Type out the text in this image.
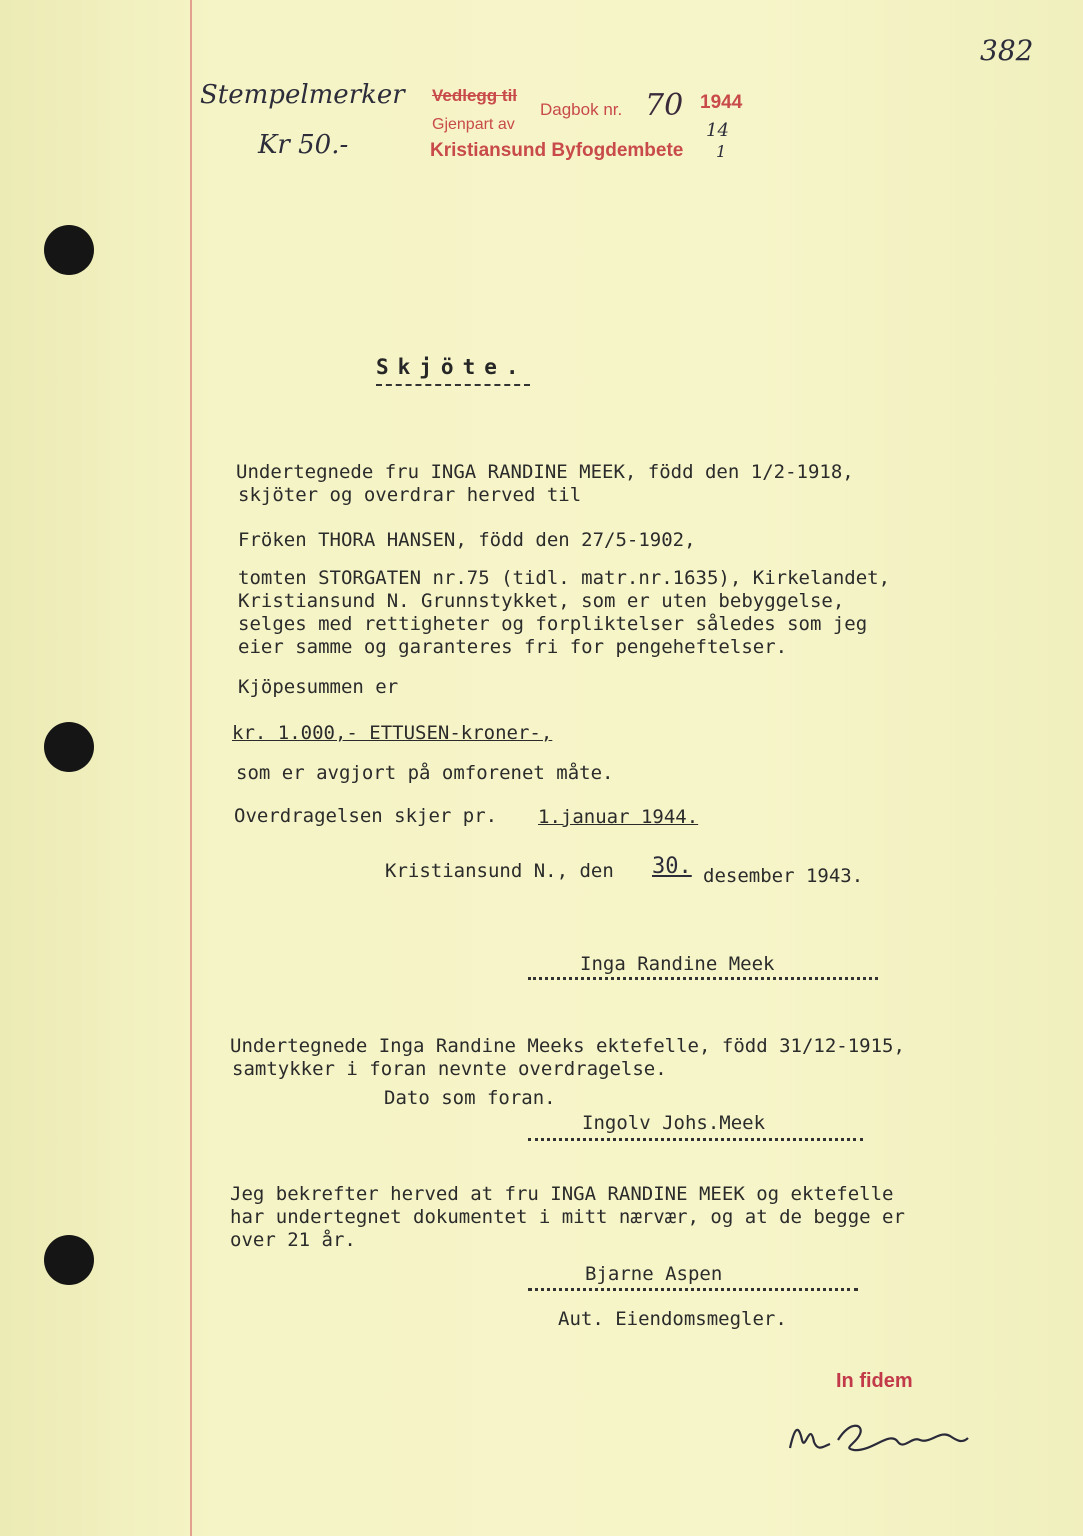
382
Stempelmerker
Kr 50.-
Vedlegg til
Dagbok nr. 70 1944
Gjenpart av
Kristiansund Byfogdembete
14
1
Skjöte.
Undertegnede fru INGA RANDINE MEEK, född den 1/2-1918,
skjöter og overdrar herved til
Fröken THORA HANSEN, född den 27/5-1902,
tomten STORGATEN nr.75 (tidl. matr.nr.1635), Kirkelandet,
Kristiansund N. Grunnstykket, som er uten bebyggelse,
selges med rettigheter og forpliktelser således som jeg
eier samme og garanteres fri for pengeheftelser.
Kjöpesummen er
kr. 1.000,- ETTUSEN-kroner-,
som er avgjort på omforenet måte.
Overdragelsen skjer pr. 1.januar 1944.
Kristiansund N., den 30. desember 1943.
Inga Randine Meek
Undertegnede Inga Randine Meeks ektefelle, född 31/12-1915,
samtykker i foran nevnte overdragelse.
Dato som foran.
Ingolv Johs.Meek
Jeg bekrefter herved at fru INGA RANDINE MEEK og ektefelle
har undertegnet dokumentet i mitt nærvær, og at de begge er
over 21 år.
Bjarne Aspen
Aut. Eiendomsmegler.
In fidem
